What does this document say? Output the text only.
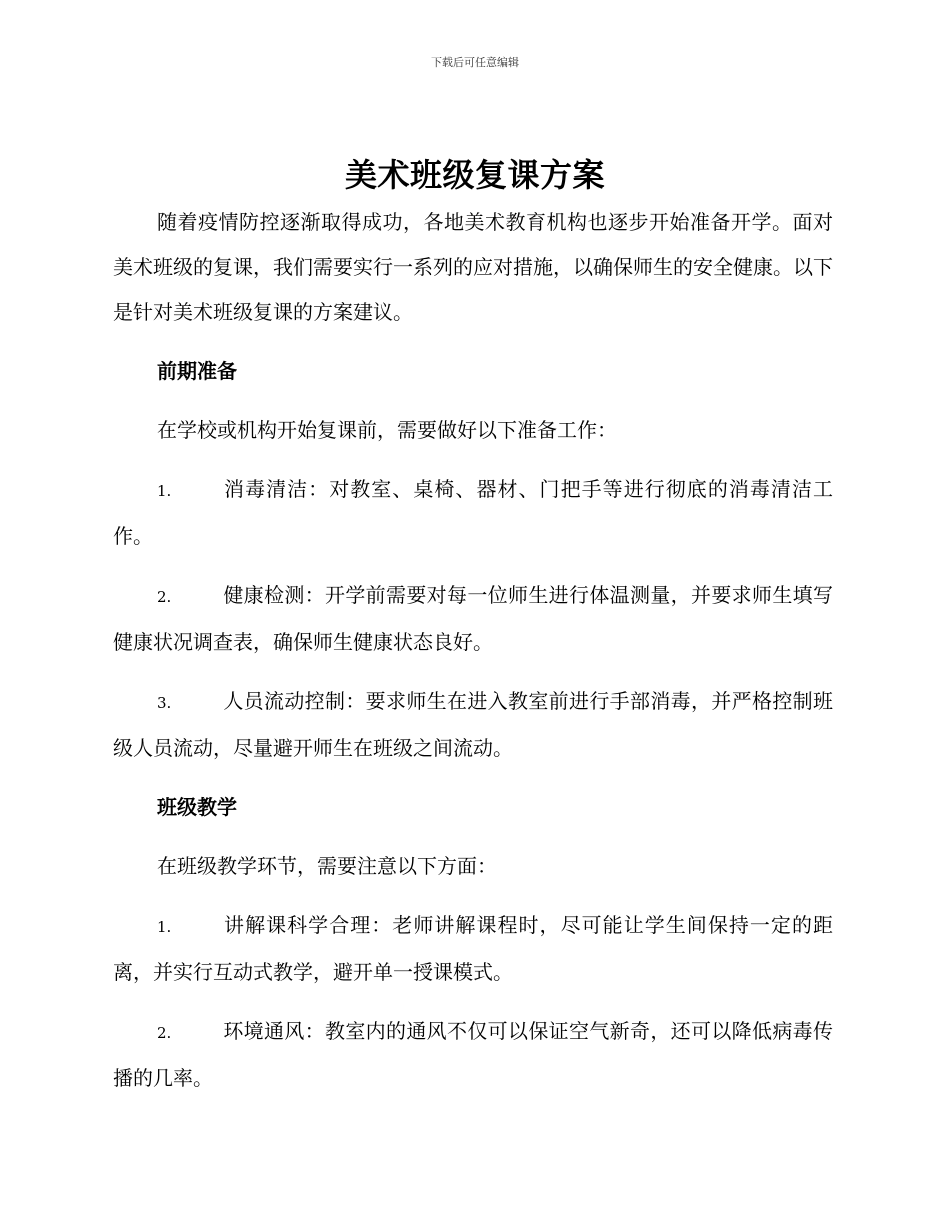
下载后可任意编辑
美术班级复课方案

随着疫情防控逐渐取得成功，各地美术教育机构也逐步开始准备开学。面对美术班级的复课，我们需要实行一系列的应对措施，以确保师生的安全健康。以下是针对美术班级复课的方案建议。

前期准备

在学校或机构开始复课前，需要做好以下准备工作：

1.	消毒清洁：对教室、桌椅、器材、门把手等进行彻底的消毒清洁工作。

2.	健康检测：开学前需要对每一位师生进行体温测量，并要求师生填写健康状况调查表，确保师生健康状态良好。

3.	人员流动控制：要求师生在进入教室前进行手部消毒，并严格控制班级人员流动，尽量避开师生在班级之间流动。

班级教学

在班级教学环节，需要注意以下方面：

1.	讲解课科学合理：老师讲解课程时，尽可能让学生间保持一定的距离，并实行互动式教学，避开单一授课模式。

2.	环境通风：教室内的通风不仅可以保证空气新奇，还可以降低病毒传播的几率。
